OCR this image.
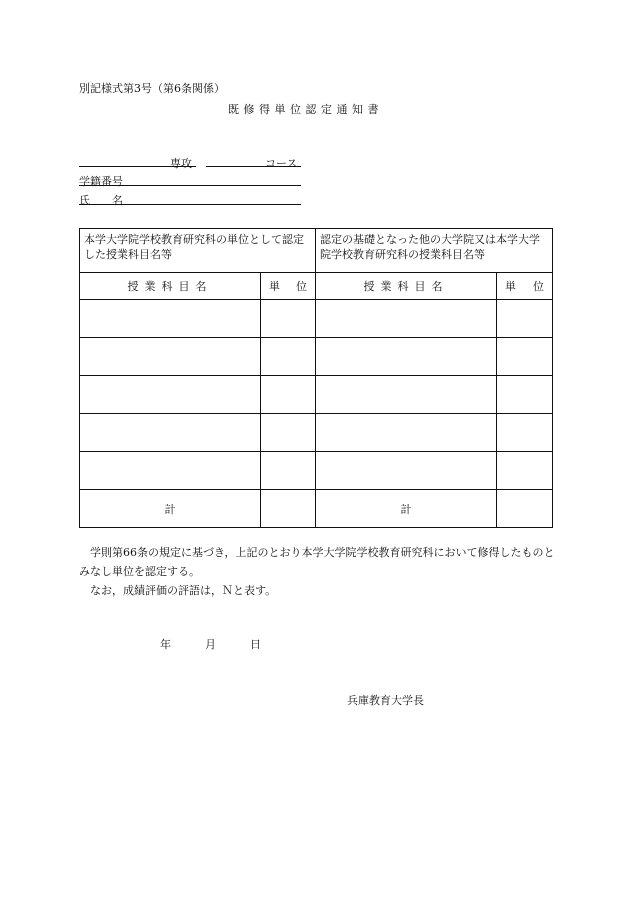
別記様式第3号（第6条関係）
既修得単位認定通知書
専攻	コース
学籍番号
氏　　名
本学大学院学校教育研究科の単位として認定した授業科目名等		認定の基礎となった他の大学院又は本学大学院学校教育研究科の授業科目名等	
授業科目名	単位	授業科目名	単位

計		計	

学則第66条の規定に基づき，上記のとおり本学大学院学校教育研究科において修得したものとみなし単位を認定する。

なお，成績評価の評語は，Ｎと表す。

年	月	日
兵庫教育大学長
